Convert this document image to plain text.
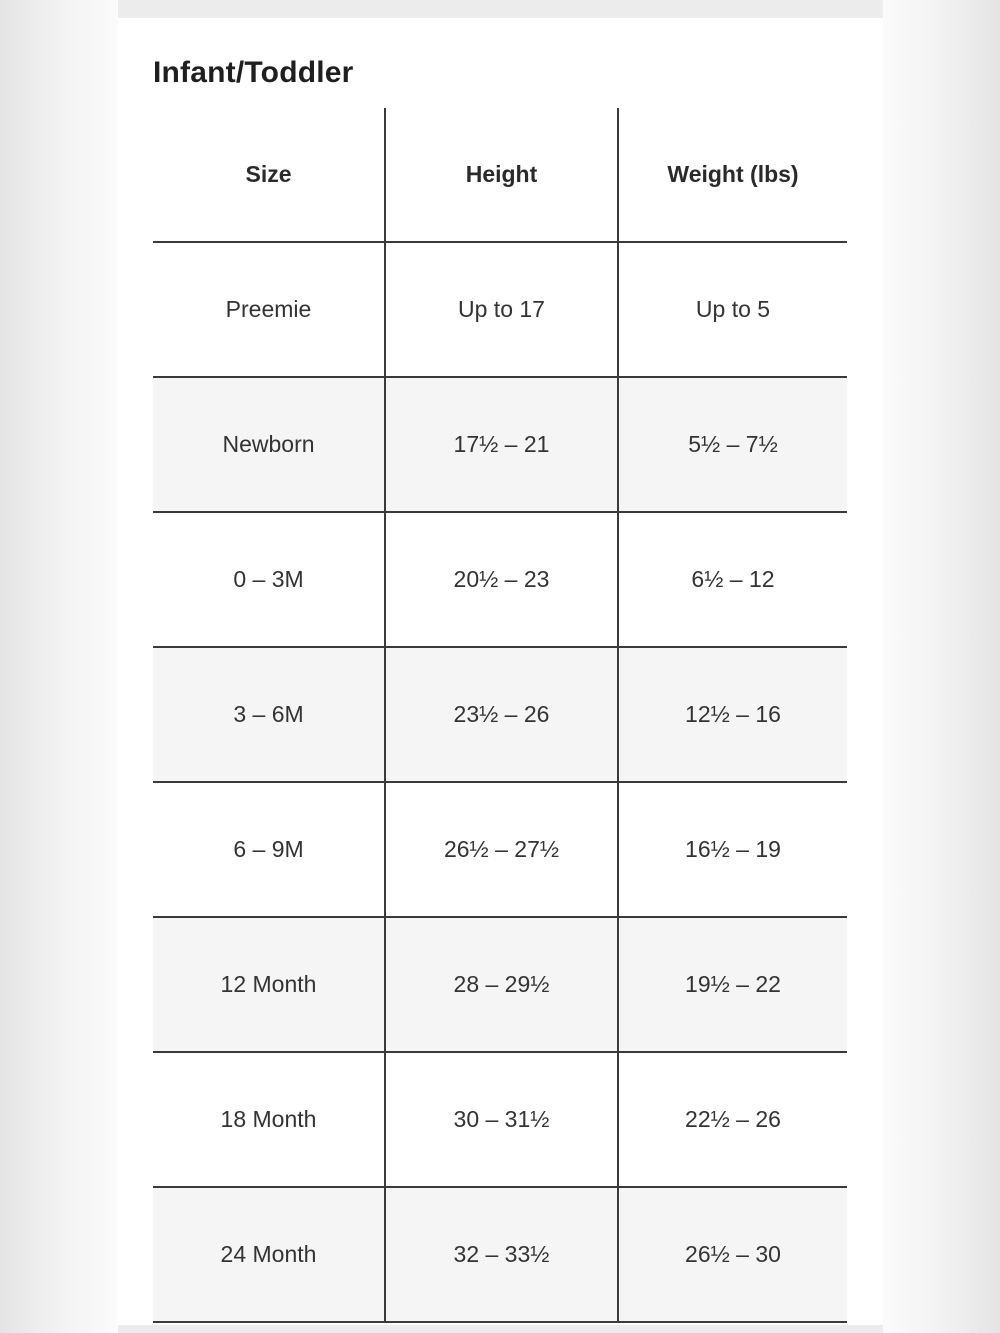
Infant/Toddler
Size	Height	Weight (lbs)
Preemie	Up to 17	Up to 5
Newborn	17½ – 21	5½ – 7½
0 – 3M	20½ – 23	6½ – 12
3 – 6M	23½ – 26	12½ – 16
6 – 9M	26½ – 27½	16½ – 19
12 Month	28 – 29½	19½ – 22
18 Month	30 – 31½	22½ – 26
24 Month	32 – 33½	26½ – 30
